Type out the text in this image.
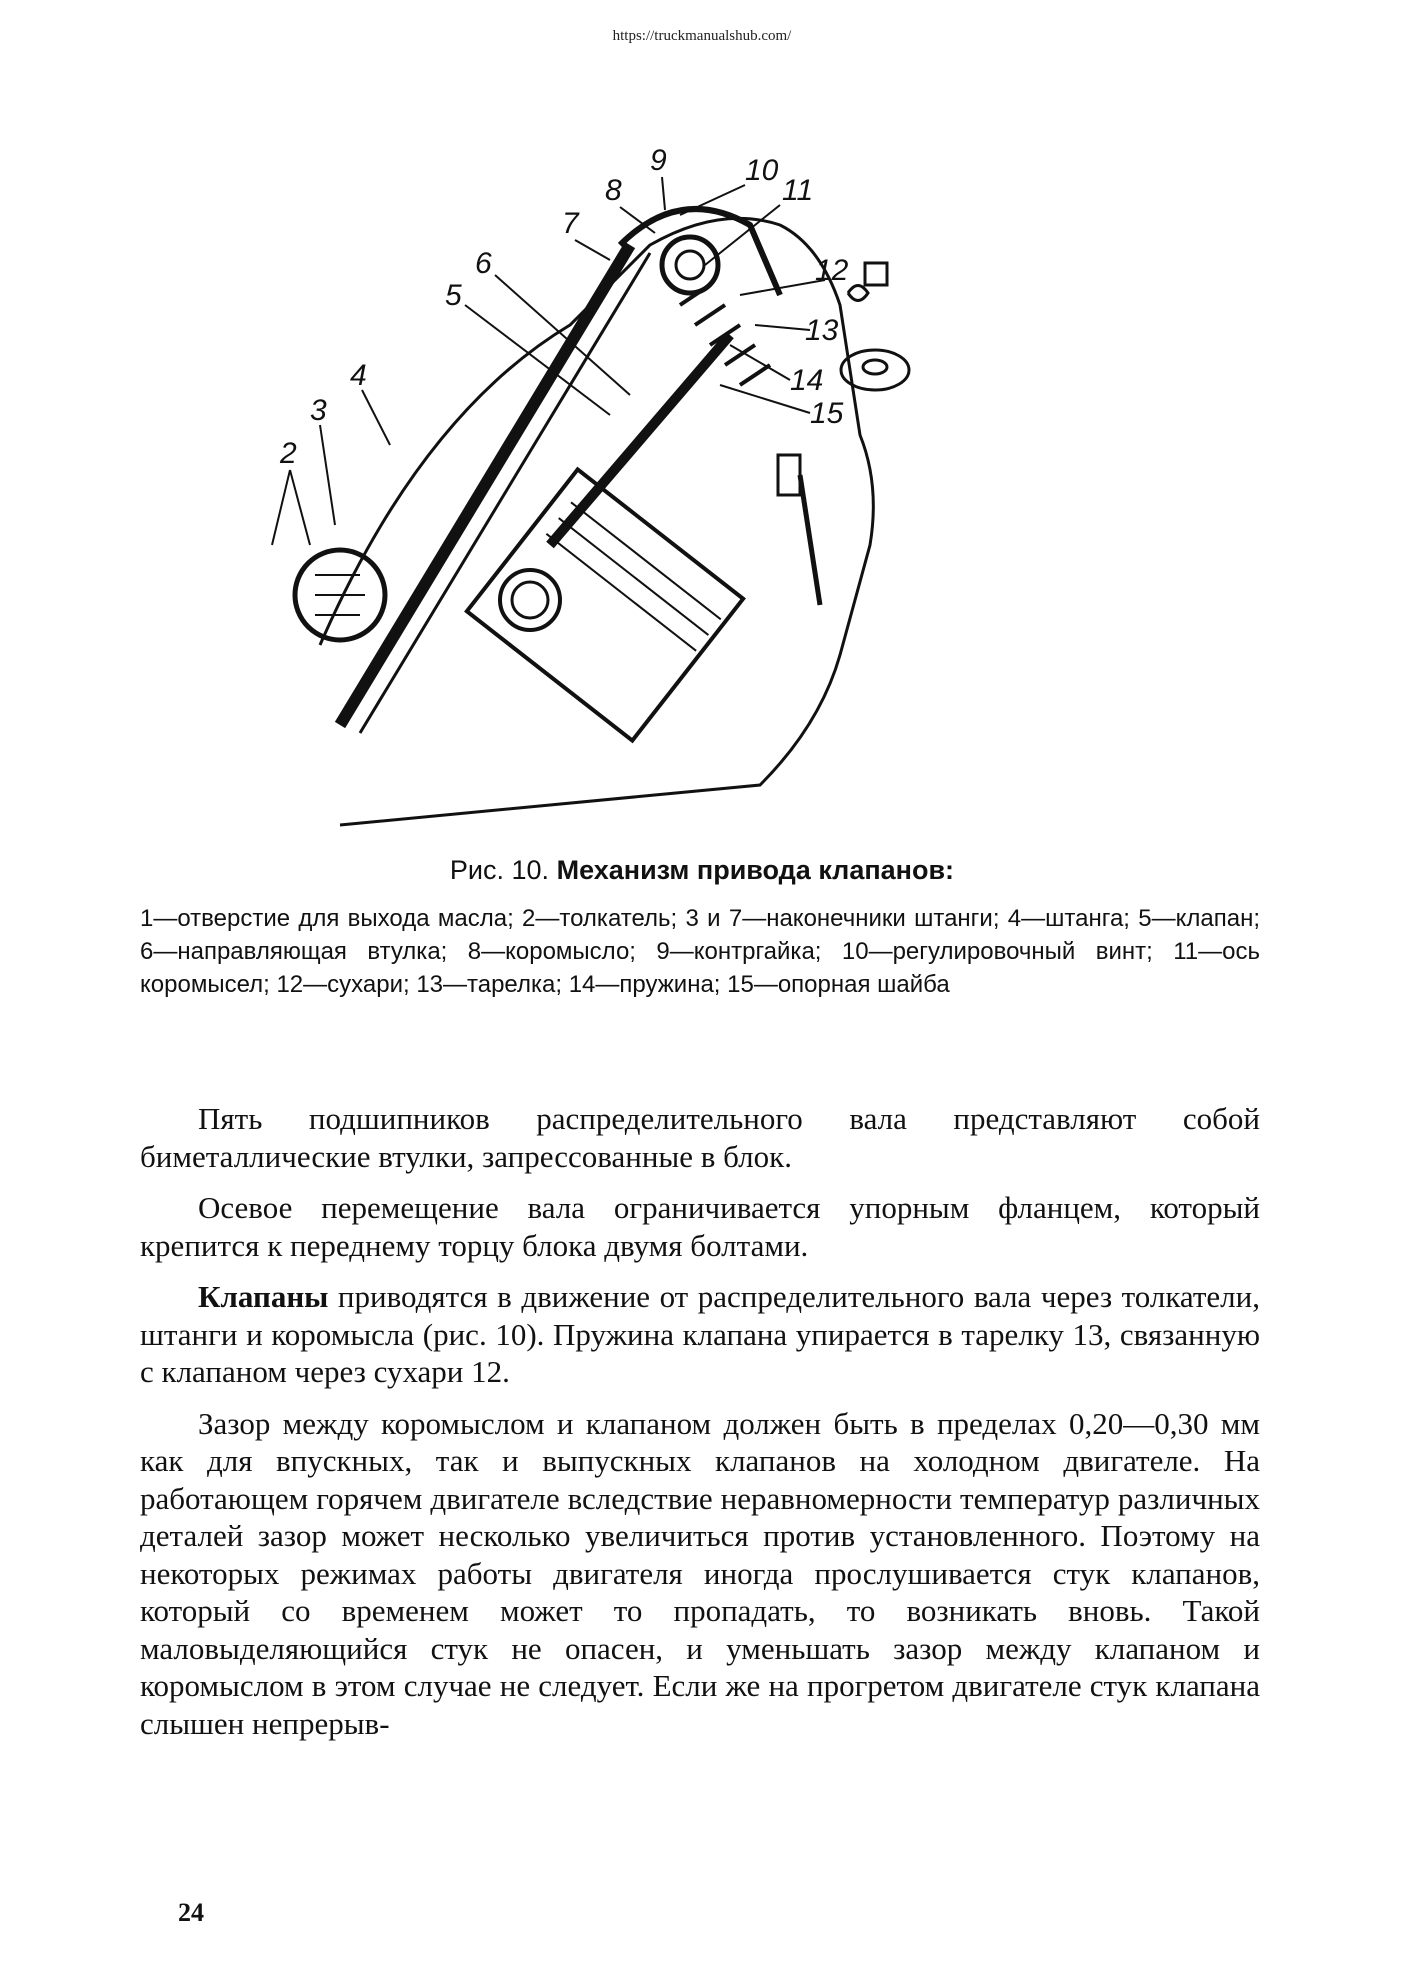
https://truckmanualshub.com/
9	10
8	11
7
6	12
5
13
4	14
3	15
2
Рис. 10. Механизм привода клапанов:
1—отверстие для выхода масла; 2—толкатель; 3 и 7—наконечники штанги; 4—штанга; 5—клапан; 6—направляющая втулка; 8—коромысло; 9—контргайка; 10—регулировочный винт; 11—ось коромысел; 12—сухари; 13—тарелка; 14—пружина; 15—опорная шайба

Пять подшипников распределительного вала представляют собой биметаллические втулки, запрессованные в блок.

Осевое перемещение вала ограничивается упорным фланцем, который крепится к переднему торцу блока двумя болтами.

Клапаны приводятся в движение от распределительного вала через толкатели, штанги и коромысла (рис. 10). Пружина клапана упирается в тарелку 13, связанную с клапаном через сухари 12.

Зазор между коромыслом и клапаном должен быть в пределах 0,20—0,30 мм как для впускных, так и выпускных клапанов на холодном двигателе. На работающем горячем двигателе вследствие неравномерности температур различных деталей зазор может несколько увеличиться против установленного. Поэтому на некоторых режимах работы двигателя иногда прослушивается стук клапанов, который со временем может то пропадать, то возникать вновь. Такой маловыделяющийся стук не опасен, и уменьшать зазор между клапаном и коромыслом в этом случае не следует. Если же на прогретом двигателе стук клапана слышен непрерыв-

24
